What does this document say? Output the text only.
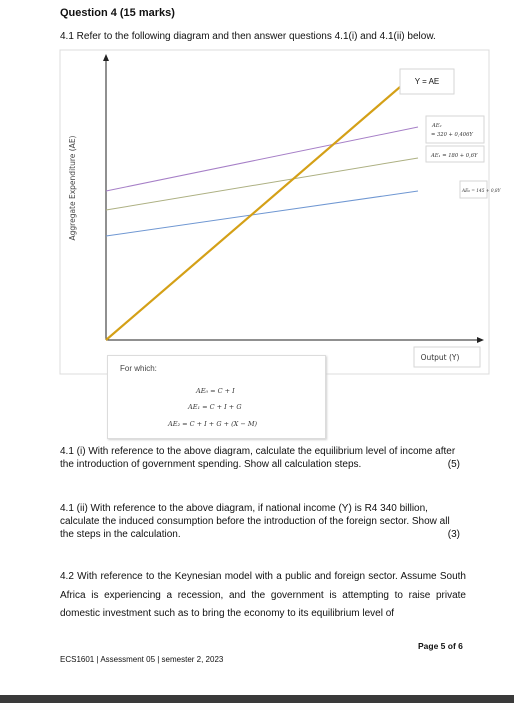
Question 4 (15 marks)
4.1 Refer to the following diagram and then answer questions 4.1(i) and 4.1(ii) below.
Aggregate Expenditure (AE)
Y = AE
AE₂
= 320 + 0,406Y
AE₁ = 180 + 0,6Y
AE₀ = 145 + 0,8Y
Output (Y)
For which:
AE₀ = C + I
AE₁ = C + I + G
AE₂ = C + I + G + (X − M)
4.1 (i) With reference to the above diagram, calculate the equilibrium level of income after the introduction of government spending. Show all calculation steps.	(5)
4.1 (ii) With reference to the above diagram, if national income (Y) is R4 340 billion, calculate the induced consumption before the introduction of the foreign sector. Show all the steps in the calculation.	(3)
4.2 With reference to the Keynesian model with a public and foreign sector. Assume South Africa is experiencing a recession, and the government is attempting to raise private domestic investment such as to bring the economy to its equilibrium level of
Page 5 of 6
ECS1601 | Assessment 05 | semester 2, 2023
